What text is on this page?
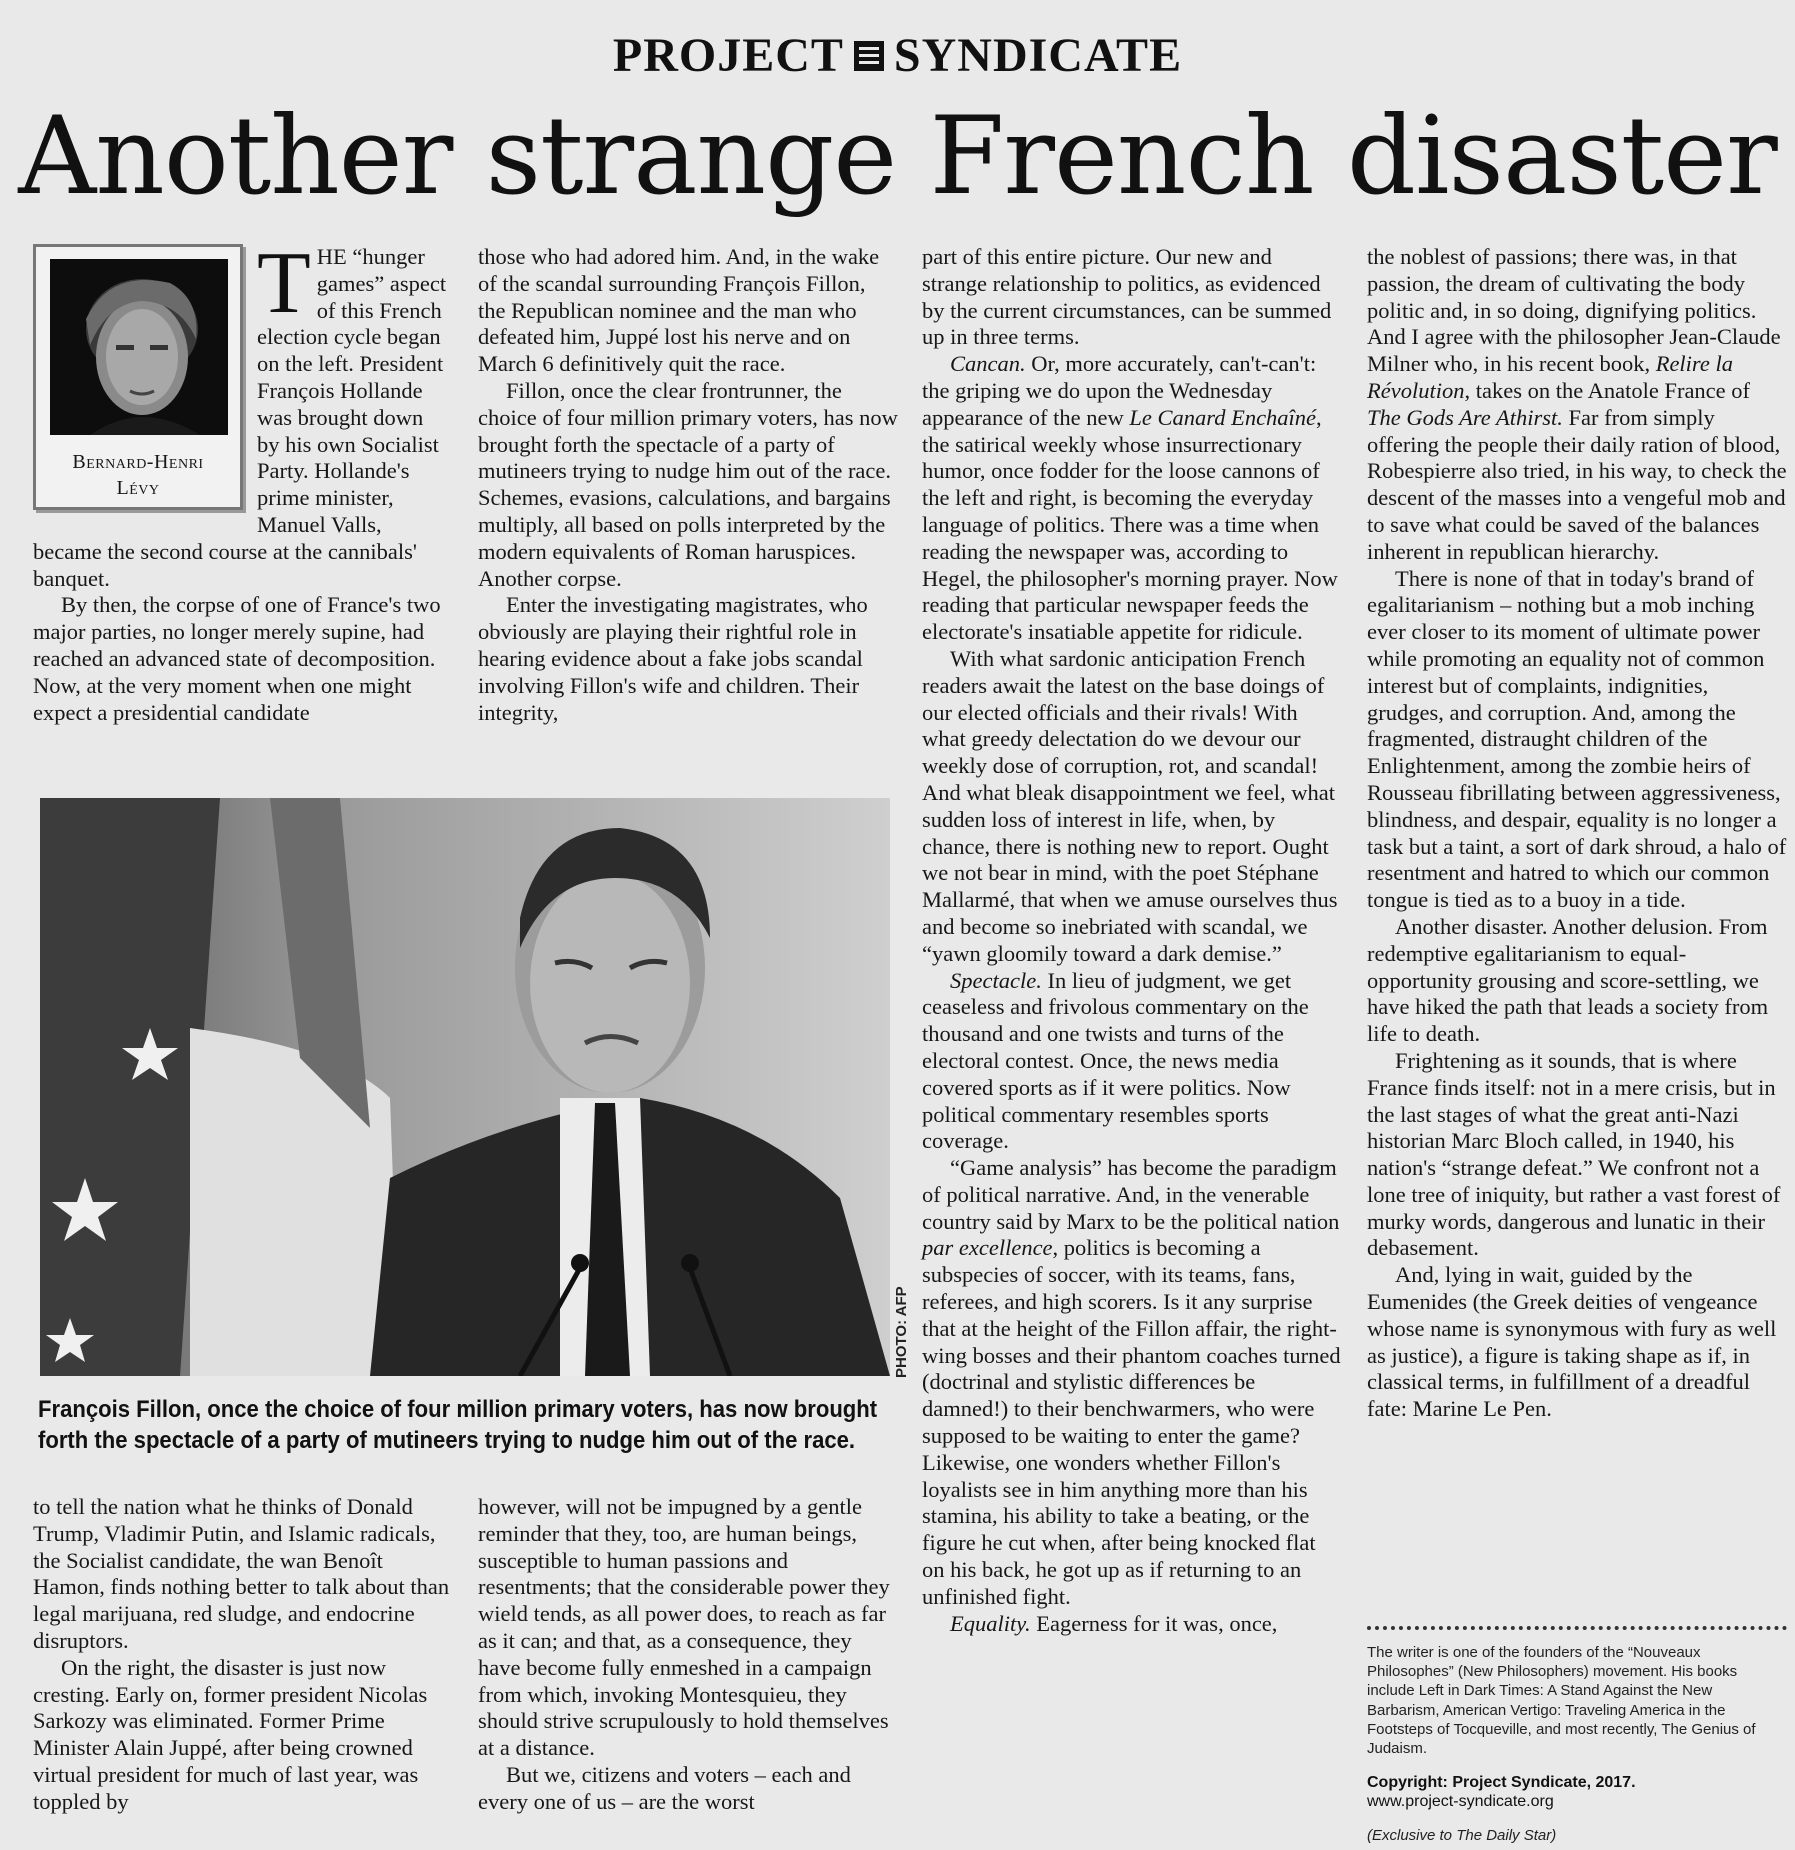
PROJECT SYNDICATE
Another strange French disaster
Bernard-Henri
Lévy

THE “hunger games” aspect of this French election cycle began on the left. President François Hollande was brought down by his own Socialist Party. Hollande's prime minister, Manuel Valls, became the second course at the cannibals' banquet.

By then, the corpse of one of France's two major parties, no longer merely supine, had reached an advanced state of decomposition. Now, at the very moment when one might expect a presidential candidate

those who had adored him. And, in the wake of the scandal surrounding François Fillon, the Republican nominee and the man who defeated him, Juppé lost his nerve and on March 6 definitively quit the race.

Fillon, once the clear frontrunner, the choice of four million primary voters, has now brought forth the spectacle of a party of mutineers trying to nudge him out of the race. Schemes, evasions, calculations, and bargains multiply, all based on polls interpreted by the modern equivalents of Roman haruspices. Another corpse.

Enter the investigating magistrates, who obviously are playing their rightful role in hearing evidence about a fake jobs scandal involving Fillon's wife and children. Their integrity,

PHOTO: AFP
François Fillon, once the choice of four million primary voters, has now brought forth the spectacle of a party of mutineers trying to nudge him out of the race.

to tell the nation what he thinks of Donald Trump, Vladimir Putin, and Islamic radicals, the Socialist candidate, the wan Benoît Hamon, finds nothing better to talk about than legal marijuana, red sludge, and endocrine disruptors.

On the right, the disaster is just now cresting. Early on, former president Nicolas Sarkozy was eliminated. Former Prime Minister Alain Juppé, after being crowned virtual president for much of last year, was toppled by

however, will not be impugned by a gentle reminder that they, too, are human beings, susceptible to human passions and resentments; that the considerable power they wield tends, as all power does, to reach as far as it can; and that, as a consequence, they have become fully enmeshed in a campaign from which, invoking Montesquieu, they should strive scrupulously to hold themselves at a distance.

But we, citizens and voters – each and every one of us – are the worst

part of this entire picture. Our new and strange relationship to politics, as evidenced by the current circumstances, can be summed up in three terms.

Cancan. Or, more accurately, can't-can't: the griping we do upon the Wednesday appearance of the new Le Canard Enchaîné, the satirical weekly whose insurrectionary humor, once fodder for the loose cannons of the left and right, is becoming the everyday language of politics. There was a time when reading the newspaper was, according to Hegel, the philosopher's morning prayer. Now reading that particular newspaper feeds the electorate's insatiable appetite for ridicule.

With what sardonic anticipation French readers await the latest on the base doings of our elected officials and their rivals! With what greedy delectation do we devour our weekly dose of corruption, rot, and scandal! And what bleak disappointment we feel, what sudden loss of interest in life, when, by chance, there is nothing new to report. Ought we not bear in mind, with the poet Stéphane Mallarmé, that when we amuse ourselves thus and become so inebriated with scandal, we “yawn gloomily toward a dark demise.”

Spectacle. In lieu of judgment, we get ceaseless and frivolous commentary on the thousand and one twists and turns of the electoral contest. Once, the news media covered sports as if it were politics. Now political commentary resembles sports coverage.

“Game analysis” has become the paradigm of political narrative. And, in the venerable country said by Marx to be the political nation par excellence, politics is becoming a subspecies of soccer, with its teams, fans, referees, and high scorers. Is it any surprise that at the height of the Fillon affair, the right-wing bosses and their phantom coaches turned (doctrinal and stylistic differences be damned!) to their benchwarmers, who were supposed to be waiting to enter the game? Likewise, one wonders whether Fillon's loyalists see in him anything more than his stamina, his ability to take a beating, or the figure he cut when, after being knocked flat on his back, he got up as if returning to an unfinished fight.

Equality. Eagerness for it was, once,

the noblest of passions; there was, in that passion, the dream of cultivating the body politic and, in so doing, dignifying politics. And I agree with the philosopher Jean-Claude Milner who, in his recent book, Relire la Révolution, takes on the Anatole France of The Gods Are Athirst. Far from simply offering the people their daily ration of blood, Robespierre also tried, in his way, to check the descent of the masses into a vengeful mob and to save what could be saved of the balances inherent in republican hierarchy.

There is none of that in today's brand of egalitarianism – nothing but a mob inching ever closer to its moment of ultimate power while promoting an equality not of common interest but of complaints, indignities, grudges, and corruption. And, among the fragmented, distraught children of the Enlightenment, among the zombie heirs of Rousseau fibrillating between aggressiveness, blindness, and despair, equality is no longer a task but a taint, a sort of dark shroud, a halo of resentment and hatred to which our common tongue is tied as to a buoy in a tide.

Another disaster. Another delusion. From redemptive egalitarianism to equal-opportunity grousing and score-settling, we have hiked the path that leads a society from life to death.

Frightening as it sounds, that is where France finds itself: not in a mere crisis, but in the last stages of what the great anti-Nazi historian Marc Bloch called, in 1940, his nation's “strange defeat.” We confront not a lone tree of iniquity, but rather a vast forest of murky words, dangerous and lunatic in their debasement.

And, lying in wait, guided by the Eumenides (the Greek deities of vengeance whose name is synonymous with fury as well as justice), a figure is taking shape as if, in classical terms, in fulfillment of a dreadful fate: Marine Le Pen.

The writer is one of the founders of the “Nouveaux Philosophes” (New Philosophers) movement. His books include Left in Dark Times: A Stand Against the New Barbarism, American Vertigo: Traveling America in the Footsteps of Tocqueville, and most recently, The Genius of Judaism.
Copyright: Project Syndicate, 2017.
www.project-syndicate.org
(Exclusive to The Daily Star)
